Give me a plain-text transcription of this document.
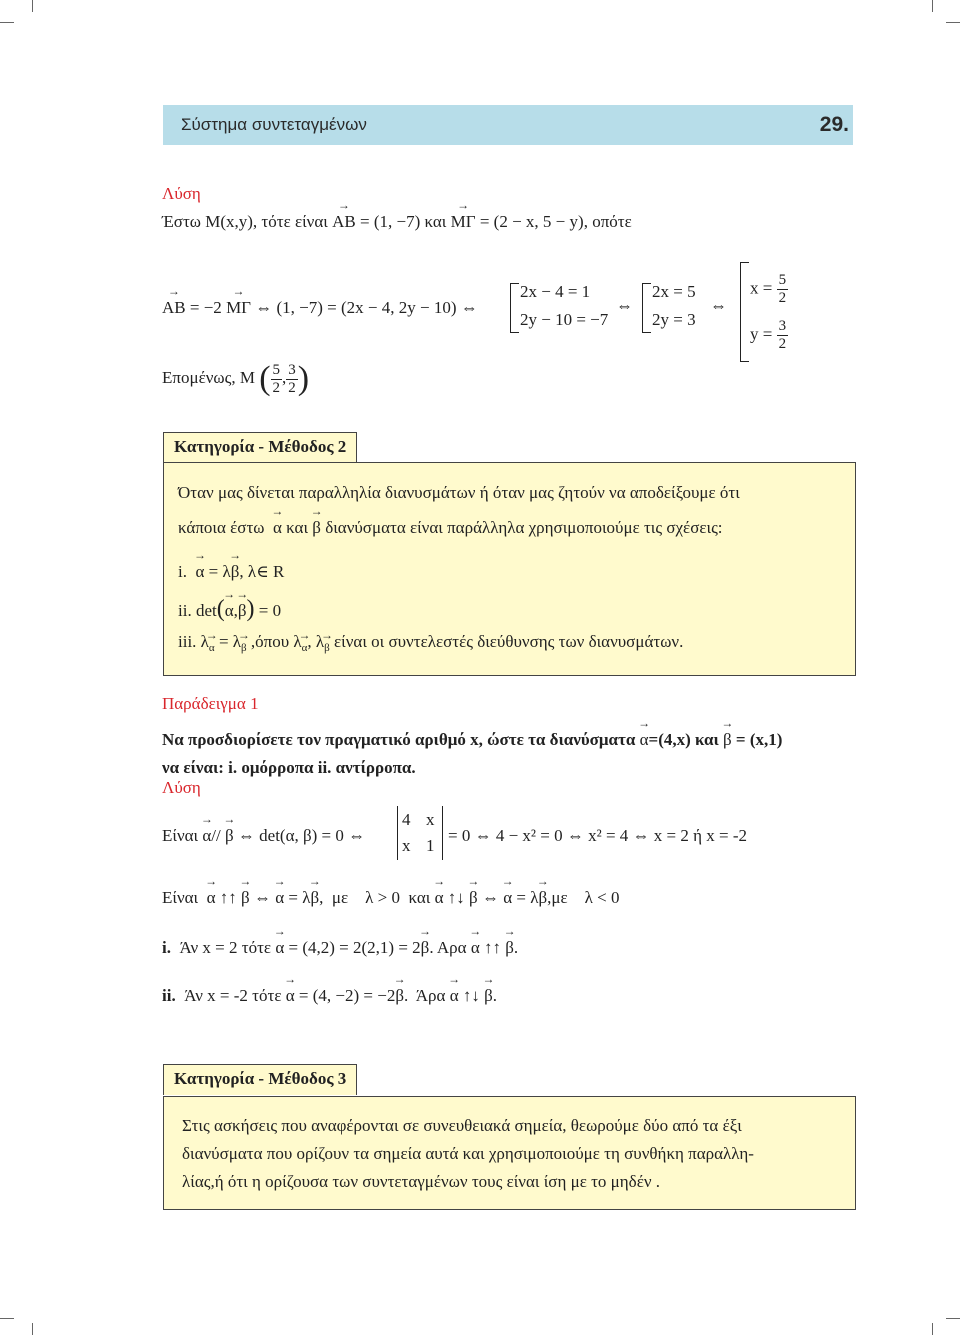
Σύστημα συντεταγμένων	29.
Λύση
Έστω M(x,y), τότε είναι → AB = (1, −7) και → MΓ = (2 − x, 5 − y), οπότε
→ AB = −2 → MΓ ⇔ (1, −7) = (2x − 4, 2y − 10) ⇔
2x − 4 = 1
2y − 10 = −7
⇔
2x = 5
2y = 3
⇔
$x = \frac{5}{2}$
$y = \frac{3}{2}$
Επομένως, M ( $\frac{5}{2}$ , $\frac{3}{2}$ )
Κατηγορία - Μέθοδος 2
Όταν μας δίνεται παραλληλία διανυσμάτων ή όταν μας ζητούν να αποδείξουμε ότι
κάποια έστω → α και → β διανύσματα είναι παράλληλα χρησιμοποιούμε τις σχέσεις:
i. → α = λ→ β, λ∈ R
ii. det(→ α,→ β) = 0
iii. λ→ $_\alpha$ = λ→ $_\beta$ ,όπου λ→ $_\alpha$, λ→ $_\beta$ είναι οι συντελεστές διεύθυνσης των διανυσμάτων.
Παράδειγμα 1
Να προσδιορίσετε τον πραγματικό αριθμό x, ώστε τα διανύσματα → α=(4,x) και → β = (x,1)
να είναι: i. ομόρροπα ii. αντίρροπα.
Λύση
Είναι → α// → β ⇔ det(α, β) = 0 ⇔
4 x
x 1
= 0 ⇔ 4 − x² = 0 ⇔ x² = 4 ⇔ x = 2 ή x = -2
Είναι → α ↑↑ → β ⇔ → α = λ→ β,  με    λ > 0  και → α ↑↓ → β ⇔ → α = λ→ β,με    λ < 0
i. Άν x = 2 τότε → α = (4,2) = 2(2,1) = 2→ β. Αρα → α ↑↑ → β.
ii. Άν x = -2 τότε → α = (4, −2) = −2→ β.  Άρα → α ↑↓ → β.
Κατηγορία - Μέθοδος 3
Στις ασκήσεις που αναφέρονται σε συνευθειακά σημεία, θεωρούμε δύο από τα έξι
διανύσματα που ορίζουν τα σημεία αυτά και χρησιμοποιούμε τη συνθήκη παραλλη-
λίας,ή ότι η ορίζουσα των συντεταγμένων τους είναι ίση με το μηδέν .
